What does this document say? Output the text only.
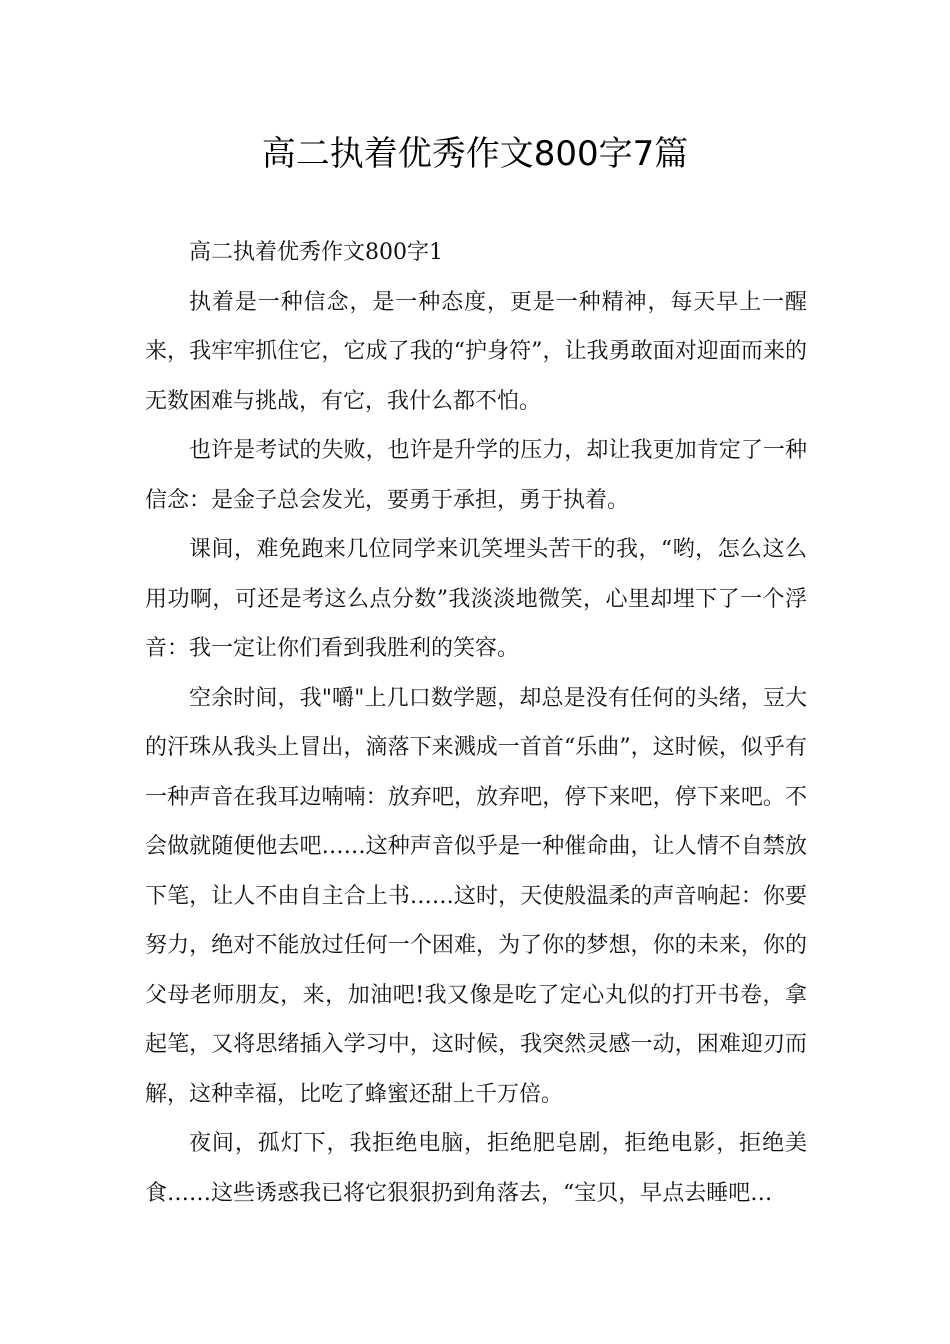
高二执着优秀作文800字7篇

高二执着优秀作文800字1

执着是一种信念，是一种态度，更是一种精神，每天早上一醒来，我牢牢抓住它，它成了我的“护身符”，让我勇敢面对迎面而来的无数困难与挑战，有它，我什么都不怕。

也许是考试的失败，也许是升学的压力，却让我更加肯定了一种信念：是金子总会发光，要勇于承担，勇于执着。

课间，难免跑来几位同学来讥笑埋头苦干的我，“哟，怎么这么用功啊，可还是考这么点分数”我淡淡地微笑，心里却埋下了一个浮音：我一定让你们看到我胜利的笑容。

空余时间，我"嚼"上几口数学题，却总是没有任何的头绪，豆大的汗珠从我头上冒出，滴落下来溅成一首首“乐曲”，这时候，似乎有一种声音在我耳边喃喃：放弃吧，放弃吧，停下来吧，停下来吧。不会做就随便他去吧……这种声音似乎是一种催命曲，让人情不自禁放下笔，让人不由自主合上书……这时，天使般温柔的声音响起：你要努力，绝对不能放过任何一个困难，为了你的梦想，你的未来，你的父母老师朋友，来，加油吧!我又像是吃了定心丸似的打开书卷，拿起笔，又将思绪插入学习中，这时候，我突然灵感一动，困难迎刃而解，这种幸福，比吃了蜂蜜还甜上千万倍。

夜间，孤灯下，我拒绝电脑，拒绝肥皂剧，拒绝电影，拒绝美食……这些诱惑我已将它狠狠扔到角落去，“宝贝，早点去睡吧…
